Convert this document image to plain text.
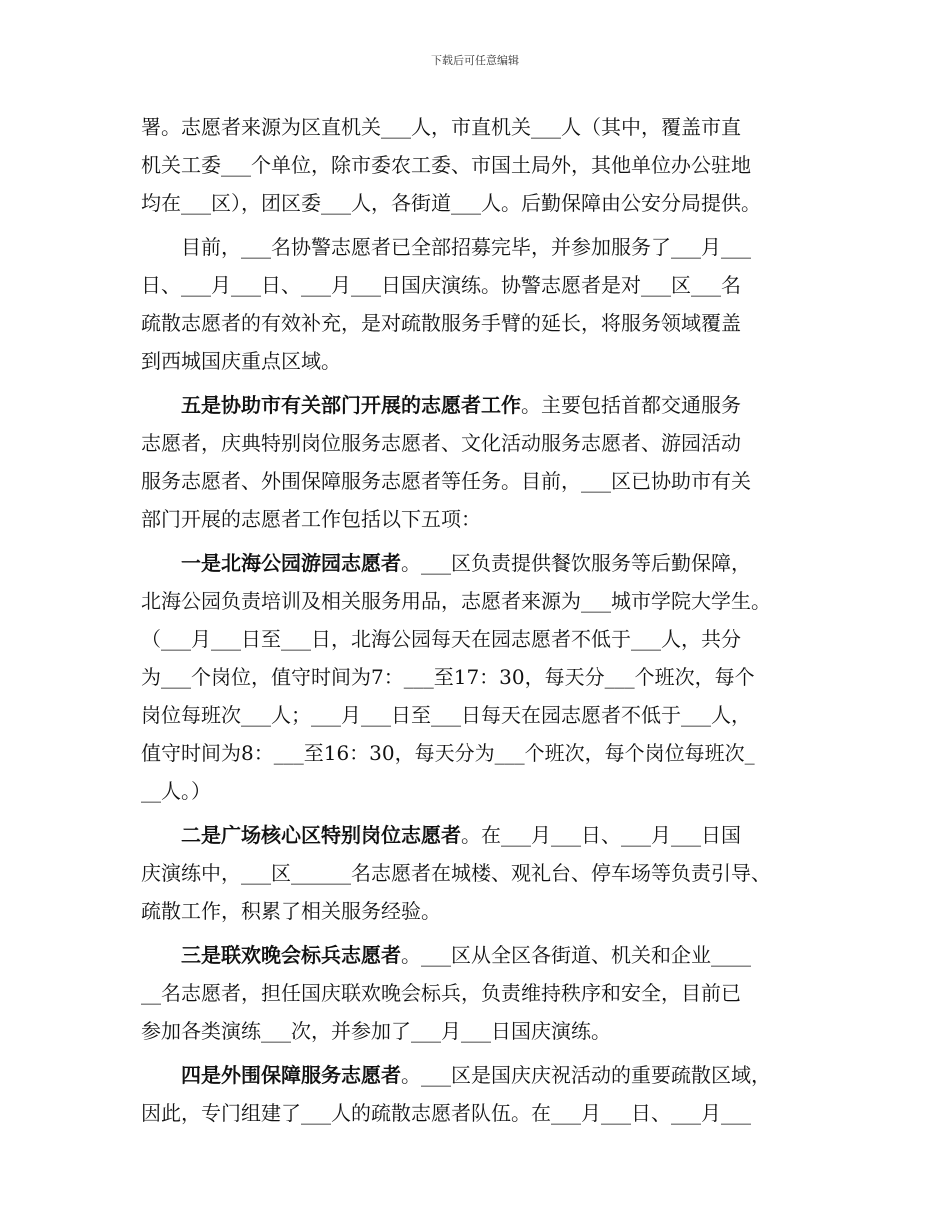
下载后可任意编辑
署。志愿者来源为区直机关___人，市直机关___人（其中，覆盖市直
机关工委___个单位，除市委农工委、市国土局外，其他单位办公驻地
均在___区），团区委___人，各街道___人。后勤保障由公安分局提供。
　　目前，___名协警志愿者已全部招募完毕，并参加服务了___月___
日、___月___日、___月___日国庆演练。协警志愿者是对___区___名
疏散志愿者的有效补充，是对疏散服务手臂的延长，将服务领域覆盖
到西城国庆重点区域。
　　五是协助市有关部门开展的志愿者工作。主要包括首都交通服务
志愿者，庆典特别岗位服务志愿者、文化活动服务志愿者、游园活动
服务志愿者、外围保障服务志愿者等任务。目前，___区已协助市有关
部门开展的志愿者工作包括以下五项：
　　一是北海公园游园志愿者。___区负责提供餐饮服务等后勤保障，
北海公园负责培训及相关服务用品，志愿者来源为___城市学院大学生。
（___月___日至___日，北海公园每天在园志愿者不低于___人，共分
为___个岗位，值守时间为7：___至17：30，每天分___个班次，每个
岗位每班次___人；___月___日至___日每天在园志愿者不低于___人，
值守时间为8：___至16：30，每天分为___个班次，每个岗位每班次_
__人。）
　　二是广场核心区特别岗位志愿者。在___月___日、___月___日国
庆演练中，___区______名志愿者在城楼、观礼台、停车场等负责引导、
疏散工作，积累了相关服务经验。
　　三是联欢晚会标兵志愿者。___区从全区各街道、机关和企业____
__名志愿者，担任国庆联欢晚会标兵，负责维持秩序和安全，目前已
参加各类演练___次，并参加了___月___日国庆演练。
　　四是外围保障服务志愿者。___区是国庆庆祝活动的重要疏散区域，
因此，专门组建了___人的疏散志愿者队伍。在___月___日、___月___
